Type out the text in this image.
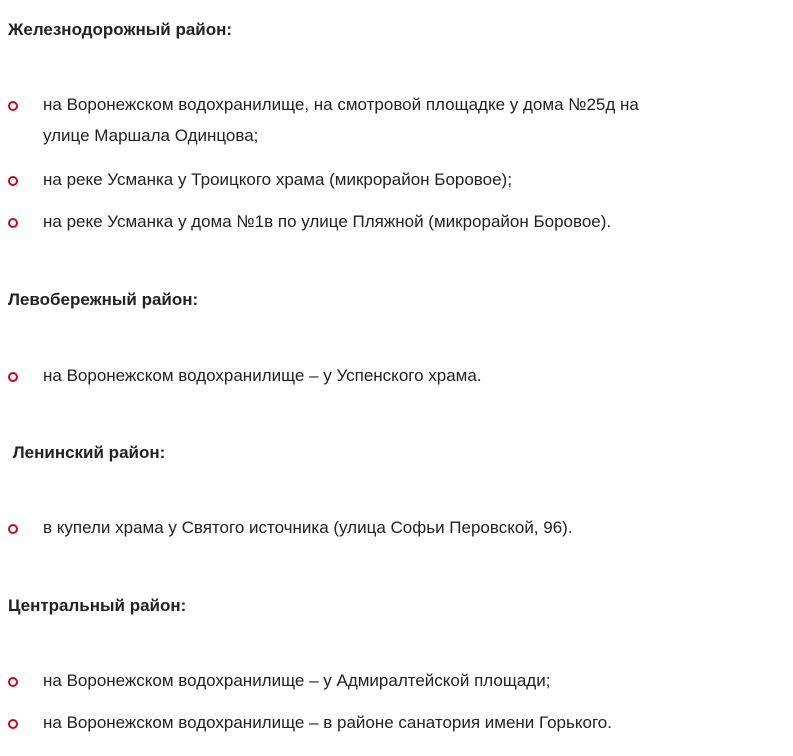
Железнодорожный район:
на Воронежском водохранилище, на смотровой площадке у дома №25д на улице Маршала Одинцова;
на реке Усманка у Троицкого храма (микрорайон Боровое);
на реке Усманка у дома №1в по улице Пляжной (микрорайон Боровое).
Левобережный район:
на Воронежском водохранилище – у Успенского храма.
Ленинский район:
в купели храма у Святого источника (улица Софьи Перовской, 96).
Центральный район:
на Воронежском водохранилище – у Адмиралтейской площади;
на Воронежском водохранилище – в районе санатория имени Горького.
